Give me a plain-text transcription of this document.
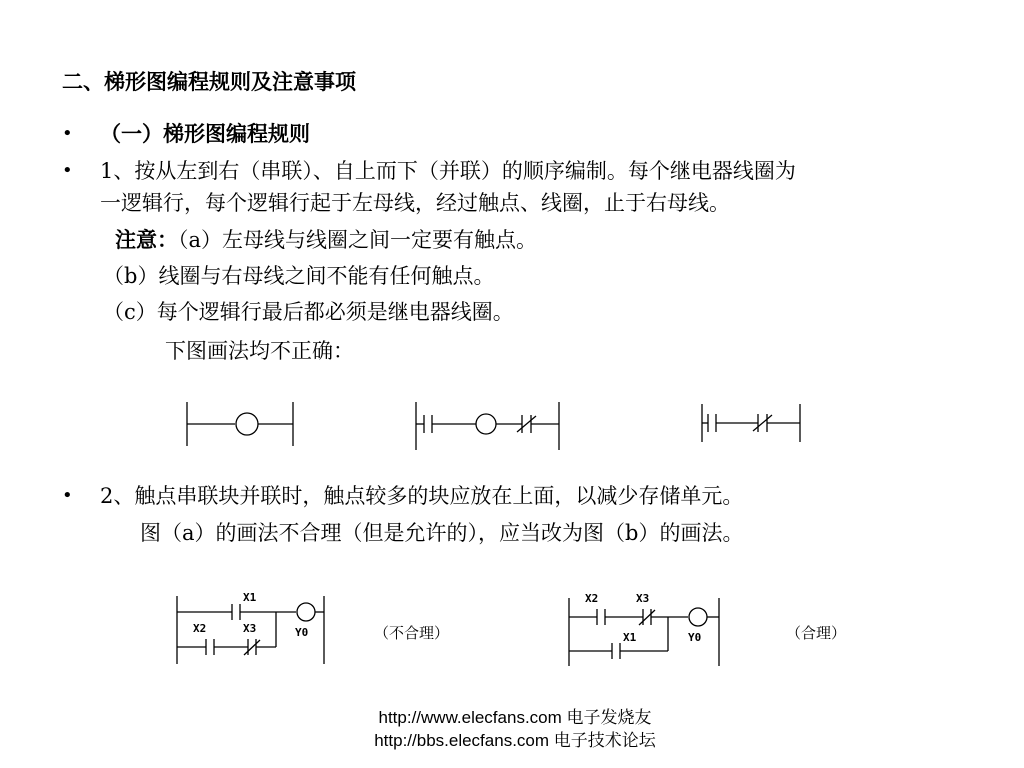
二、梯形图编程规则及注意事项
• （一）梯形图编程规则
• 1、按从左到右（串联）、自上而下（并联）的顺序编制。每个继电器线圈为
一逻辑行，每个逻辑行起于左母线，经过触点、线圈，止于右母线。
注意：（a）左母线与线圈之间一定要有触点。
（b）线圈与右母线之间不能有任何触点。
（c）每个逻辑行最后都必须是继电器线圈。
下图画法均不正确：
• 2、触点串联块并联时，触点较多的块应放在上面，以减少存储单元。
图（a）的画法不合理（但是允许的），应当改为图（b）的画法。
X1
X2	X3	Y0	（不合理）
X2	X3
X1	Y0	（合理）
http://www.elecfans.com 电子发烧友 http://bbs.elecfans.com 电子技术论坛
